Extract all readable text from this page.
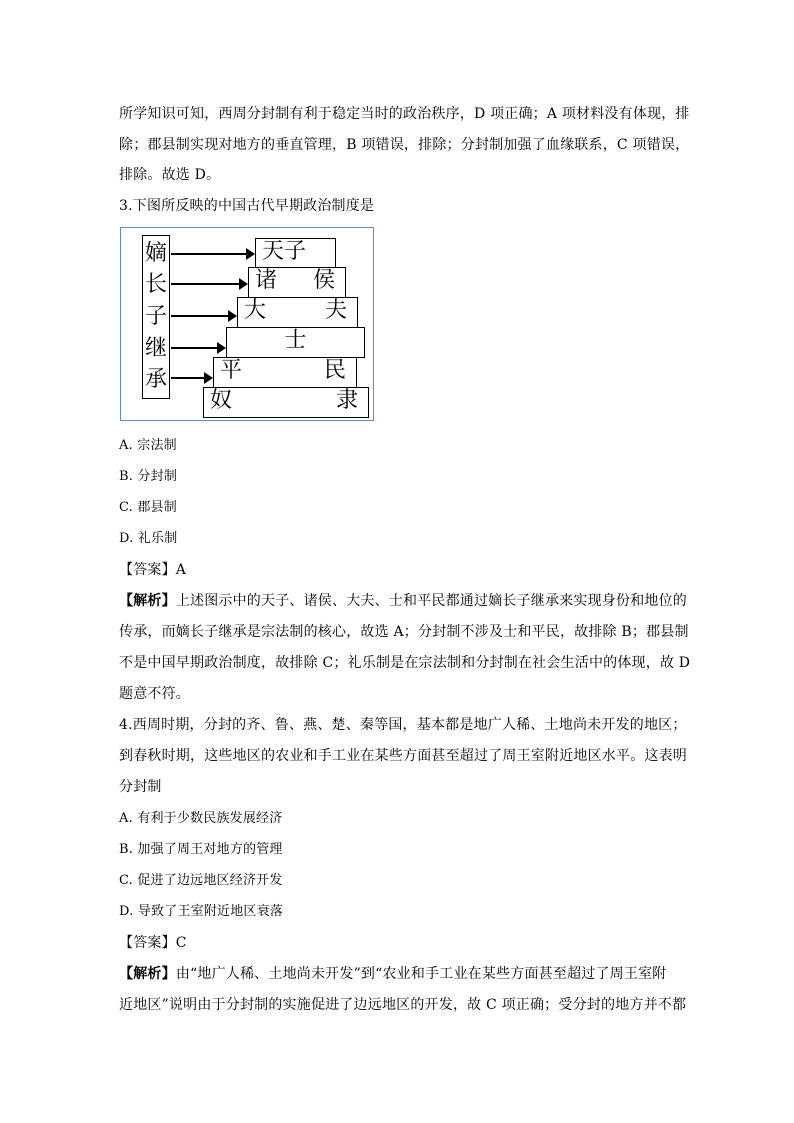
所学知识可知，西周分封制有利于稳定当时的政治秩序，D 项正确；A 项材料没有体现，排
除；郡县制实现对地方的垂直管理，B 项错误，排除；分封制加强了血缘联系，C 项错误，
排除。故选 D。
3.下图所反映的中国古代早期政治制度是
嫡
长
子
继
承
天子
诸 侯
大	夫
士
平	民
奴	隶
A. 宗法制
B. 分封制
C. 郡县制
D. 礼乐制
【答案】A
【解析】上述图示中的天子、诸侯、大夫、士和平民都通过嫡长子继承来实现身份和地位的
传承，而嫡长子继承是宗法制的核心，故选 A；分封制不涉及士和平民，故排除 B；郡县制
不是中国早期政治制度，故排除 C；礼乐制是在宗法制和分封制在社会生活中的体现，故 D
题意不符。
4.西周时期，分封的齐、鲁、燕、楚、秦等国，基本都是地广人稀、土地尚未开发的地区；
到春秋时期，这些地区的农业和手工业在某些方面甚至超过了周王室附近地区水平。这表明
分封制
A. 有利于少数民族发展经济
B. 加强了周王对地方的管理
C. 促进了边远地区经济开发
D. 导致了王室附近地区衰落
【答案】C
【解析】由“地广人稀、土地尚未开发”到“农业和手工业在某些方面甚至超过了周王室附
近地区”说明由于分封制的实施促进了边远地区的开发，故 C 项正确；受分封的地方并不都
